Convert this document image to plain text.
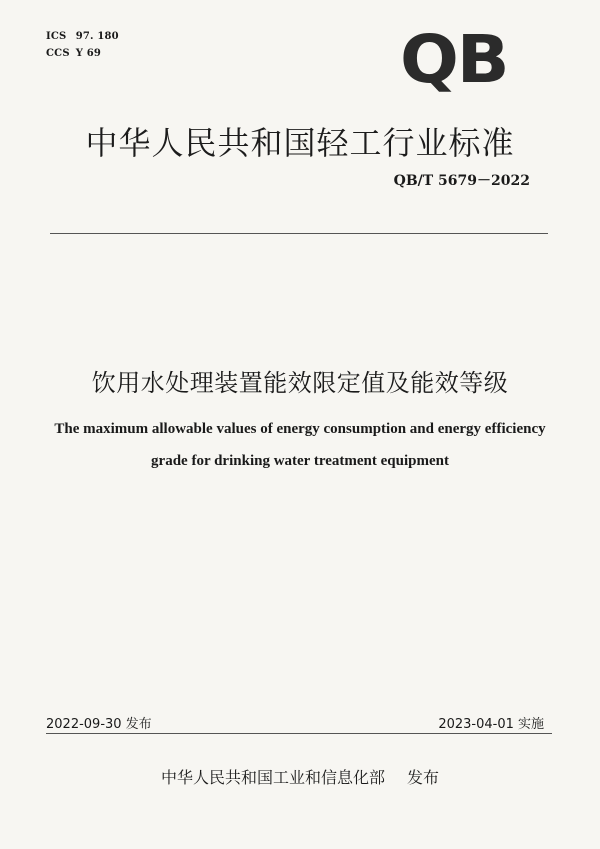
ICS 97. 180
CCS Y 69	QB
中华人民共和国轻工行业标准
QB/T 5679－2022
饮用水处理装置能效限定值及能效等级
The maximum allowable values of energy consumption and energy efficiency
grade for drinking water treatment equipment
2022-09-30 发布	2023-04-01 实施
中华人民共和国工业和信息化部 发布
